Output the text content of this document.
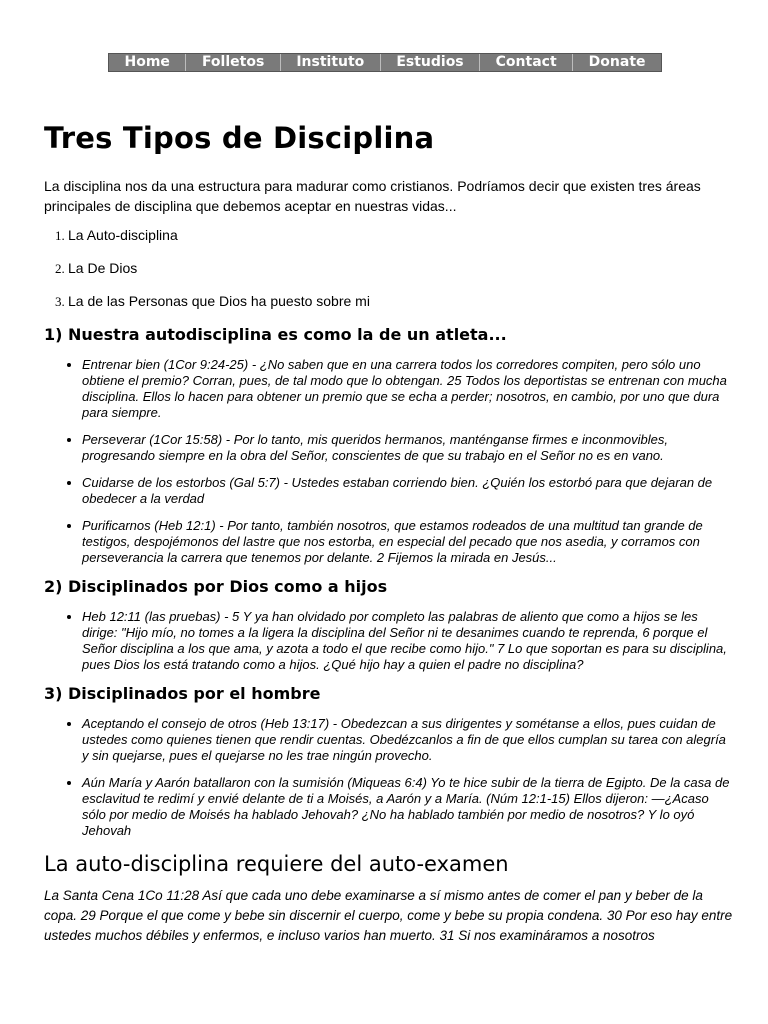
Home	Folletos	Instituto	Estudios	Contact	Donate
Tres Tipos de Disciplina

La disciplina nos da una estructura para madurar como cristianos. Podríamos decir que existen tres áreas principales de disciplina que debemos aceptar en nuestras vidas...

1. La Auto-disciplina
2. La De Dios
3. La de las Personas que Dios ha puesto sobre mi
1) Nuestra autodisciplina es como la de un atleta...
• Entrenar bien (1Cor 9:24-25) - ¿No saben que en una carrera todos los corredores compiten, pero sólo uno obtiene el premio? Corran, pues, de tal modo que lo obtengan. 25 Todos los deportistas se entrenan con mucha disciplina. Ellos lo hacen para obtener un premio que se echa a perder; nosotros, en cambio, por uno que dura para siempre.
• Perseverar (1Cor 15:58) - Por lo tanto, mis queridos hermanos, manténganse firmes e inconmovibles, progresando siempre en la obra del Señor, conscientes de que su trabajo en el Señor no es en vano.
• Cuidarse de los estorbos (Gal 5:7) - Ustedes estaban corriendo bien. ¿Quién los estorbó para que dejaran de obedecer a la verdad
• Purificarnos (Heb 12:1) - Por tanto, también nosotros, que estamos rodeados de una multitud tan grande de testigos, despojémonos del lastre que nos estorba, en especial del pecado que nos asedia, y corramos con perseverancia la carrera que tenemos por delante. 2 Fijemos la mirada en Jesús...
2) Disciplinados por Dios como a hijos
• Heb 12:11 (las pruebas) - 5 Y ya han olvidado por completo las palabras de aliento que como a hijos se les dirige: "Hijo mío, no tomes a la ligera la disciplina del Señor ni te desanimes cuando te reprenda, 6 porque el Señor disciplina a los que ama, y azota a todo el que recibe como hijo." 7 Lo que soportan es para su disciplina, pues Dios los está tratando como a hijos. ¿Qué hijo hay a quien el padre no disciplina?
3) Disciplinados por el hombre
• Aceptando el consejo de otros (Heb 13:17) - Obedezcan a sus dirigentes y sométanse a ellos, pues cuidan de ustedes como quienes tienen que rendir cuentas. Obedézcanlos a fin de que ellos cumplan su tarea con alegría y sin quejarse, pues el quejarse no les trae ningún provecho.
• Aún María y Aarón batallaron con la sumisión (Miqueas 6:4) Yo te hice subir de la tierra de Egipto. De la casa de esclavitud te redimí y envié delante de ti a Moisés, a Aarón y a María. (Núm 12:1-15) Ellos dijeron: —¿Acaso sólo por medio de Moisés ha hablado Jehovah? ¿No ha hablado también por medio de nosotros? Y lo oyó Jehovah
La auto-disciplina requiere del auto-examen

La Santa Cena 1Co 11:28 Así que cada uno debe examinarse a sí mismo antes de comer el pan y beber de la copa. 29 Porque el que come y bebe sin discernir el cuerpo, come y bebe su propia condena. 30 Por eso hay entre ustedes muchos débiles y enfermos, e incluso varios han muerto. 31 Si nos examináramos a nosotros
